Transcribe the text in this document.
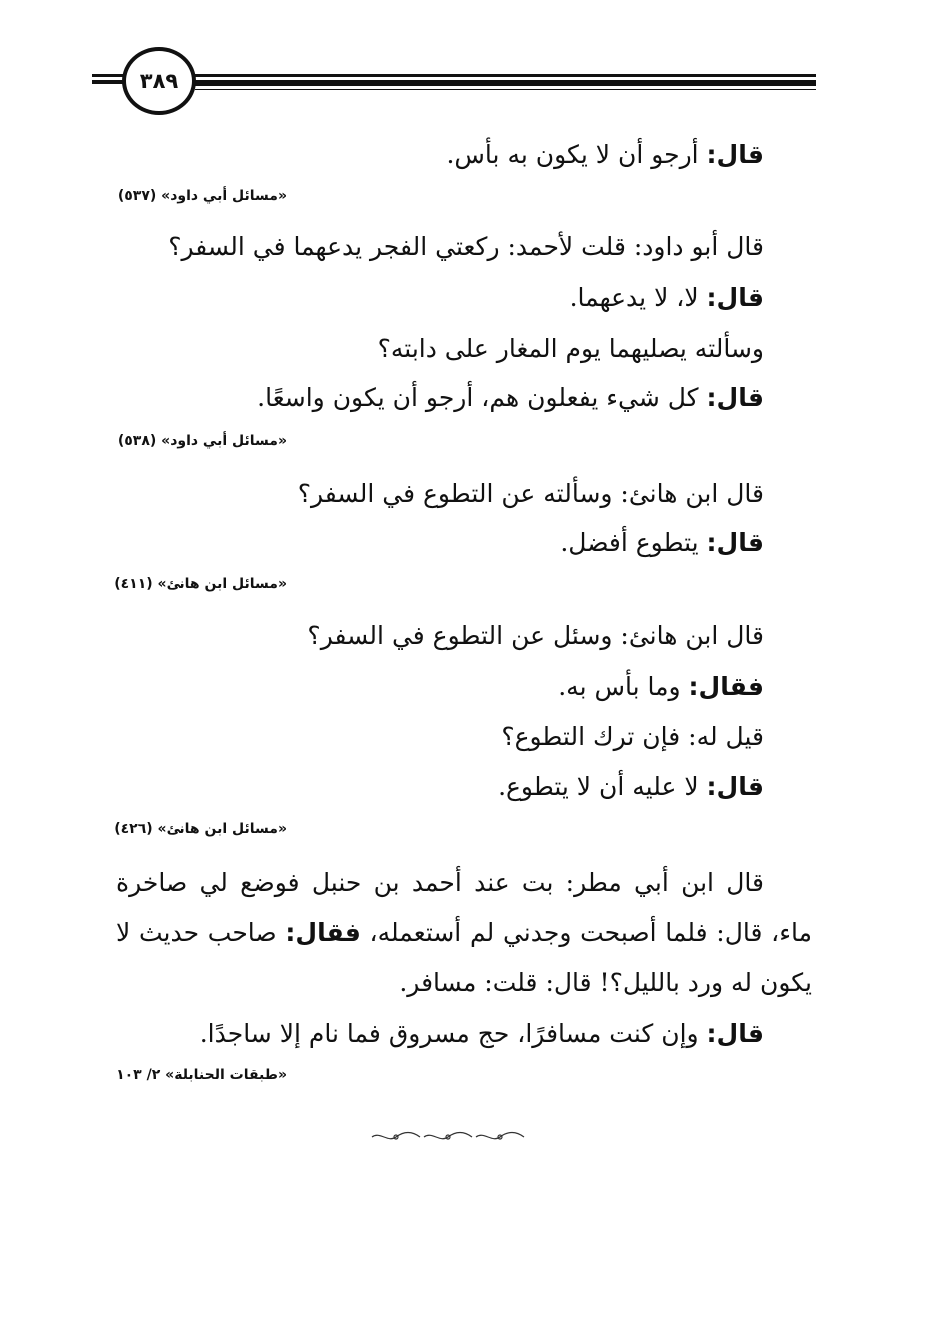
٣٨٩
قال: أرجو أن لا يكون به بأس.
«مسائل أبي داود» (٥٣٧)
قال أبو داود: قلت لأحمد: ركعتي الفجر يدعهما في السفر؟
قال: لا، لا يدعهما.
وسألته يصليهما يوم المغار على دابته؟
قال: كل شيء يفعلون هم، أرجو أن يكون واسعًا.
«مسائل أبي داود» (٥٣٨)
قال ابن هانئ: وسألته عن التطوع في السفر؟
قال: يتطوع أفضل.
«مسائل ابن هانئ» (٤١١)
قال ابن هانئ: وسئل عن التطوع في السفر؟
فقال: وما بأس به.
قيل له: فإن ترك التطوع؟
قال: لا عليه أن لا يتطوع.
«مسائل ابن هانئ» (٤٢٦)
قال ابن أبي مطر: بت عند أحمد بن حنبل فوضع لي صاخرة ماء، قال: فلما أصبحت وجدني لم أستعمله، فقال: صاحب حديث لا يكون له ورد بالليل؟! قال: قلت: مسافر.
قال: وإن كنت مسافرًا، حج مسروق فما نام إلا ساجدًا.
«طبقات الحنابلة» ٢/ ١٠٣
